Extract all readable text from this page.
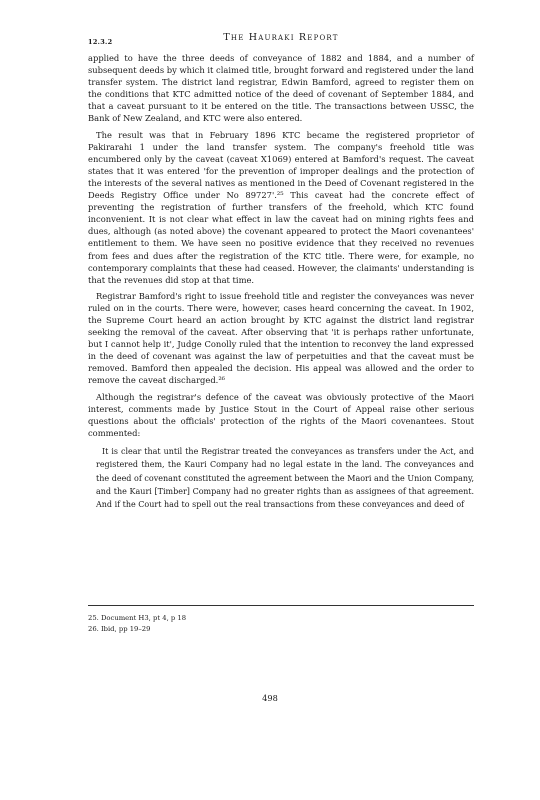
12.3.2	The Hauraki Report

applied to have the three deeds of conveyance of 1882 and 1884, and a number of subsequent deeds by which it claimed title, brought forward and registered under the land transfer system. The district land registrar, Edwin Bamford, agreed to register them on the conditions that KTC admitted notice of the deed of covenant of September 1884, and that a caveat pursuant to it be entered on the title. The transactions between USSC, the Bank of New Zealand, and KTC were also entered.

The result was that in February 1896 KTC became the registered proprietor of Pakirarahi 1 under the land transfer system. The company's freehold title was encumbered only by the caveat (caveat X1069) entered at Bamford's request. The caveat states that it was entered 'for the prevention of improper dealings and the protection of the interests of the several natives as mentioned in the Deed of Covenant registered in the Deeds Registry Office under No 89727'.²⁵ This caveat had the concrete effect of preventing the registration of further transfers of the freehold, which KTC found inconvenient. It is not clear what effect in law the caveat had on mining rights fees and dues, although (as noted above) the covenant appeared to protect the Maori covenantees' entitlement to them. We have seen no positive evidence that they received no revenues from fees and dues after the registration of the KTC title. There were, for example, no contemporary complaints that these had ceased. However, the claimants' understanding is that the revenues did stop at that time.

Registrar Bamford's right to issue freehold title and register the conveyances was never ruled on in the courts. There were, however, cases heard concerning the caveat. In 1902, the Supreme Court heard an action brought by KTC against the district land registrar seeking the removal of the caveat. After observing that 'it is perhaps rather unfortunate, but I cannot help it', Judge Conolly ruled that the intention to reconvey the land expressed in the deed of covenant was against the law of perpetuities and that the caveat must be removed. Bamford then appealed the decision. His appeal was allowed and the order to remove the caveat discharged.²⁶

Although the registrar's defence of the caveat was obviously protective of the Maori interest, comments made by Justice Stout in the Court of Appeal raise other serious questions about the officials' protection of the rights of the Maori covenantees. Stout commented:

It is clear that until the Registrar treated the conveyances as transfers under the Act, and registered them, the Kauri Company had no legal estate in the land. The conveyances and the deed of covenant constituted the agreement between the Maori and the Union Company, and the Kauri [Timber] Company had no greater rights than as assignees of that agreement. And if the Court had to spell out the real transactions from these conveyances and deed of

25. Document H3, pt 4, p 18
26. Ibid, pp 19–29
498
